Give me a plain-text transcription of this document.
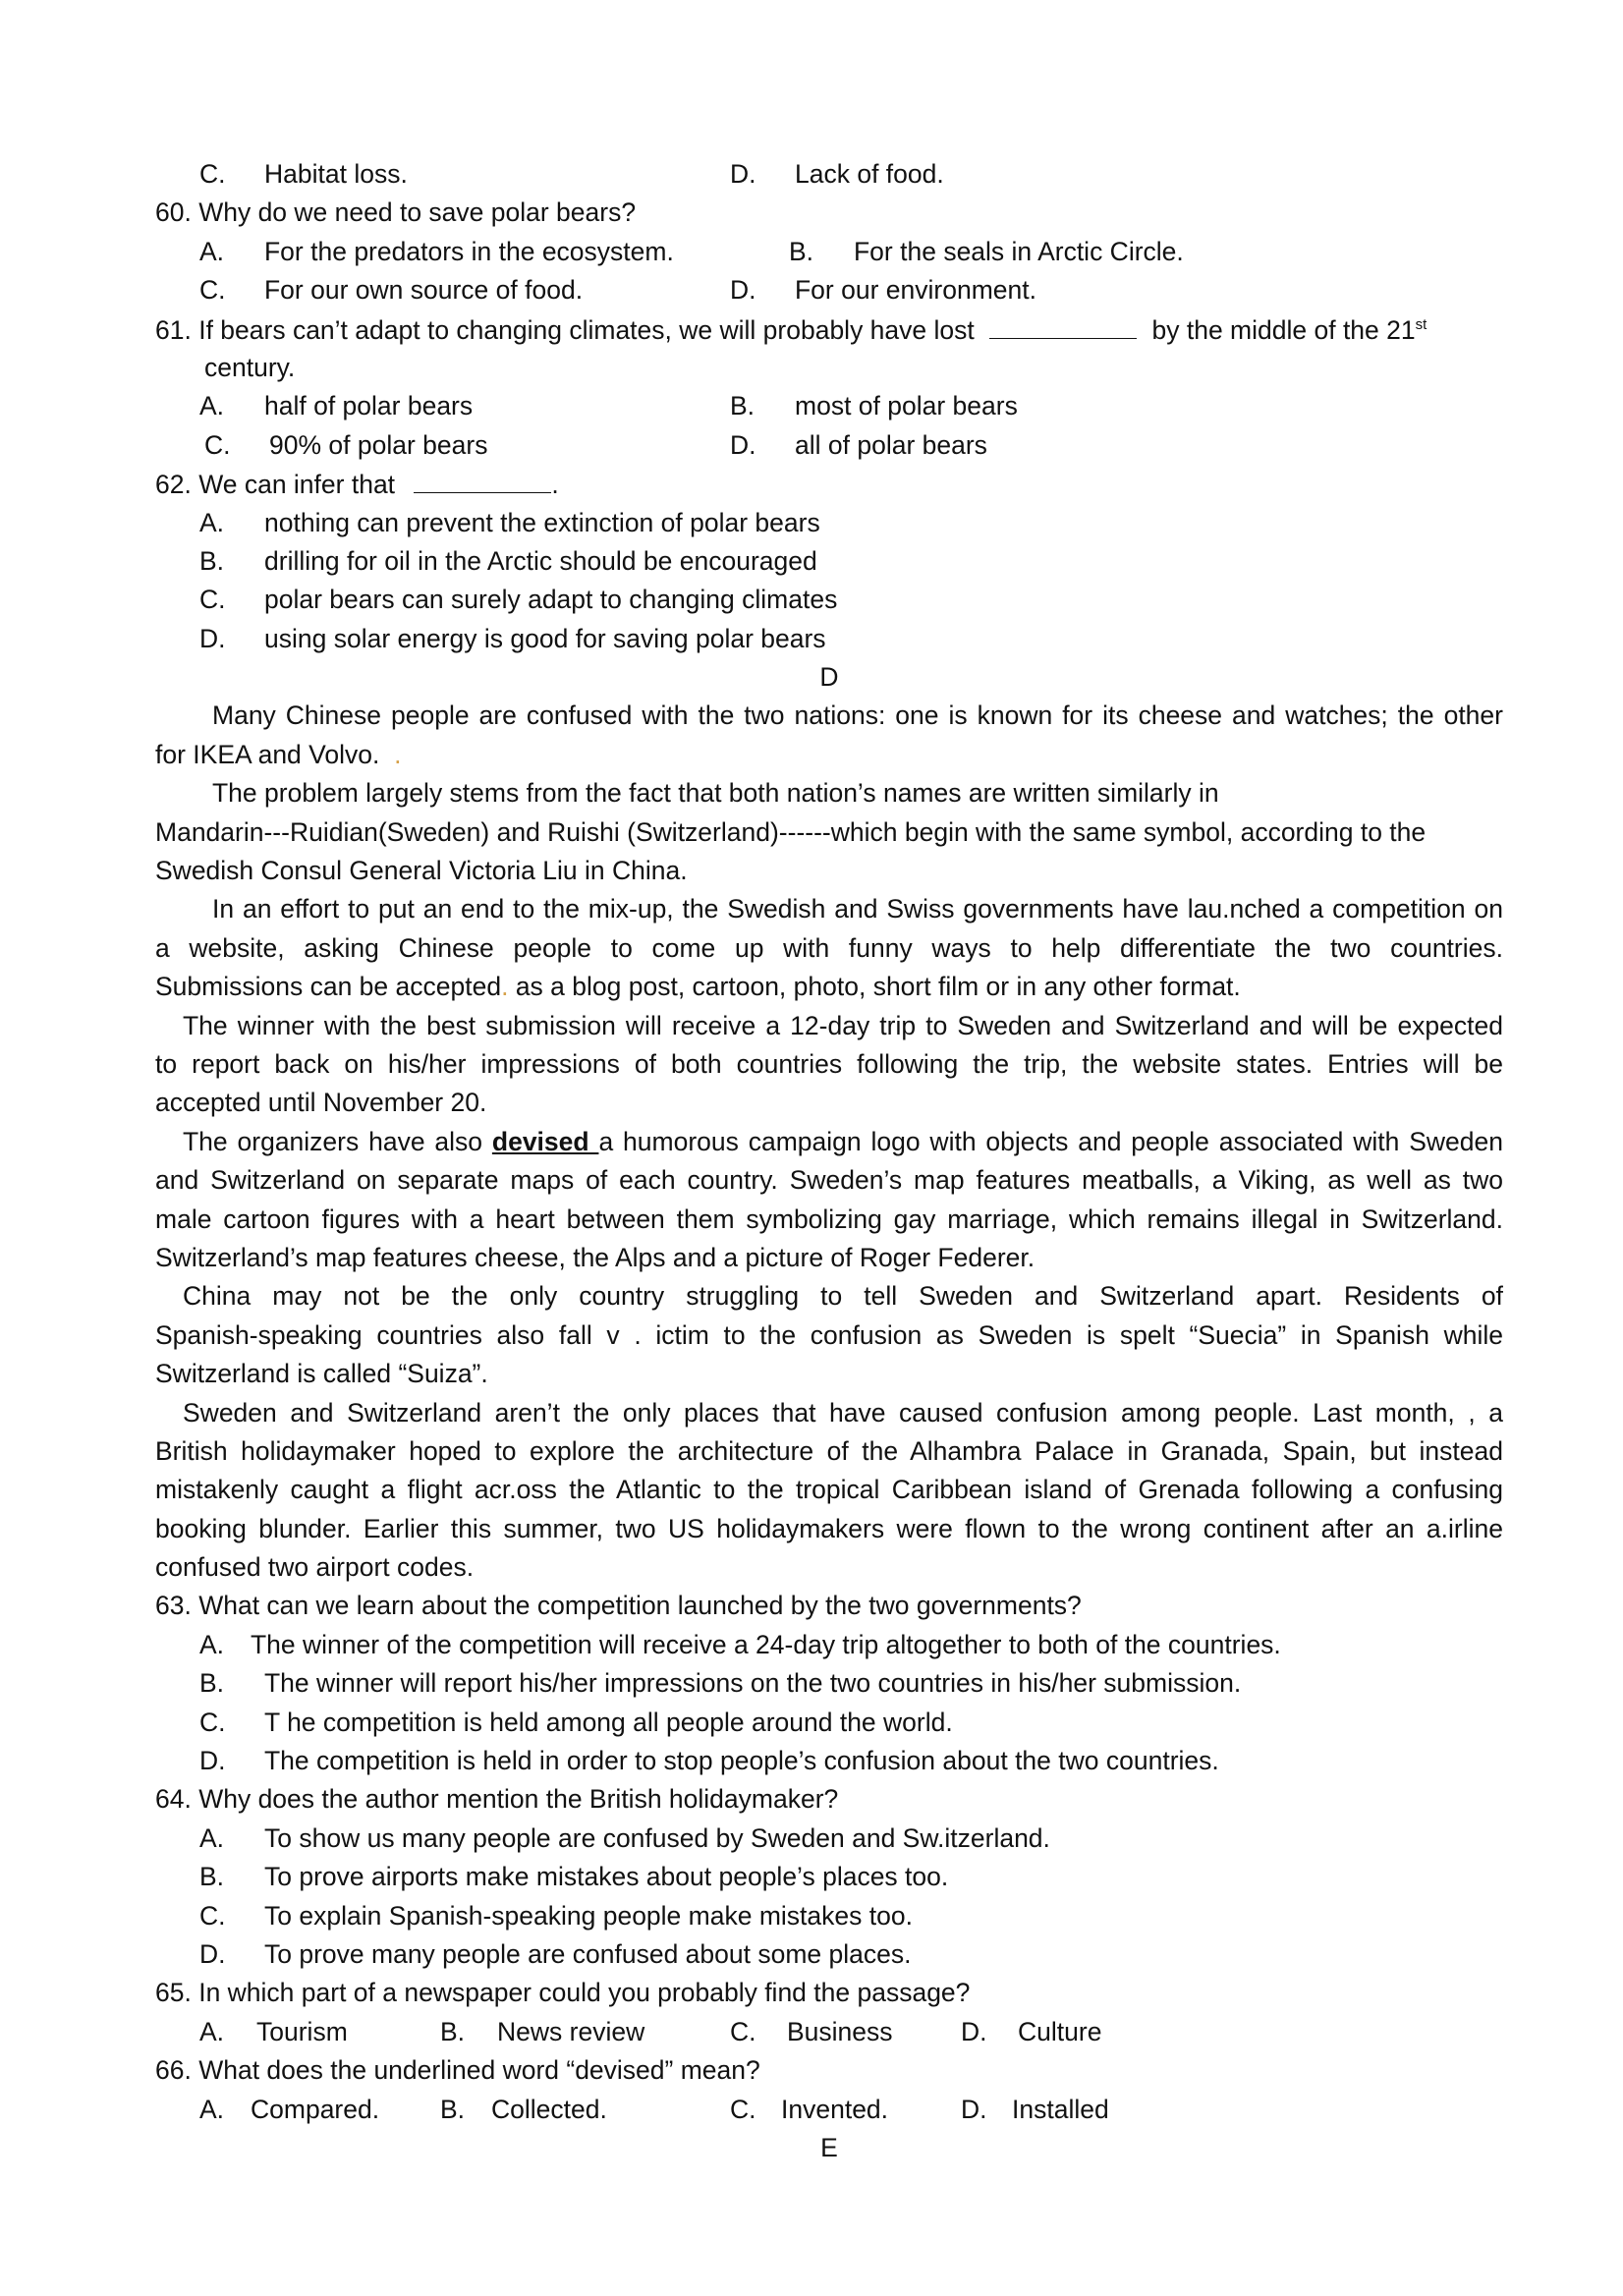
C. Habitat loss.	D. Lack of food.
60. Why do we need to save polar bears?
A. For the predators in the ecosystem.	B. For the seals in Arctic Circle.
C. For our own source of food.	D. For our environment.
61. If bears can’t adapt to changing climates, we will probably have lost	by the middle of the 21st
century.
A. half of polar bears	B. most of polar bears
C. 90% of polar bears	D. all of polar bears
62. We can infer that	.
A. nothing can prevent the extinction of polar bears
B. drilling for oil in the Arctic should be encouraged
C. polar bears can surely adapt to changing climates
D. using solar energy is good for saving polar bears
D
Many Chinese people are confused with the two nations: one is known for its cheese and watches; the other
for IKEA and Volvo.  .
The problem largely stems from the fact that both nation’s names are written similarly in
Mandarin---Ruidian(Sweden) and Ruishi (Switzerland)------which begin with the same symbol, according to the
Swedish Consul General Victoria Liu in China.
In an effort to put an end to the mix-up, the Swedish and Swiss governments have lau.nched a competition on
a website, asking Chinese people to come up with funny ways to help differentiate the two countries.
Submissions can be accepted. as a blog post, cartoon, photo, short film or in any other format.
The winner with the best submission will receive a 12-day trip to Sweden and Switzerland and will be expected
to report back on his/her impressions of both countries following the trip, the website states. Entries will be
accepted until November 20.
The organizers have also devised a humorous campaign logo with objects and people associated with Sweden
and Switzerland on separate maps of each country. Sweden’s map features meatballs, a Viking, as well as two
male cartoon figures with a heart between them symbolizing gay marriage, which remains illegal in Switzerland.
Switzerland’s map features cheese, the Alps and a picture of Roger Federer.
China may not be the only country struggling to tell Sweden and Switzerland apart. Residents of
Spanish-speaking countries also fall v . ictim to the confusion as Sweden is spelt “Suecia” in Spanish while
Switzerland is called “Suiza”.
Sweden and Switzerland aren’t the only places that have caused confusion among people. Last month, , a
British holidaymaker hoped to explore the architecture of the Alhambra Palace in Granada, Spain, but instead
mistakenly caught a flight acr.oss the Atlantic to the tropical Caribbean island of Grenada following a confusing
booking blunder. Earlier this summer, two US holidaymakers were flown to the wrong continent after an a.irline
confused two airport codes.
63. What can we learn about the competition launched by the two governments?
A. The winner of the competition will receive a 24-day trip altogether to both of the countries.
B. The winner will report his/her impressions on the two countries in his/her submission.
C. T he competition is held among all people around the world.
D. The competition is held in order to stop people’s confusion about the two countries.
64. Why does the author mention the British holidaymaker?
A. To show us many people are confused by Sweden and Sw.itzerland.
B. To prove airports make mistakes about people’s places too.
C. To explain Spanish-speaking people make mistakes too.
D. To prove many people are confused about some places.
65. In which part of a newspaper could you probably find the passage?
A. Tourism	B. News review	C. Business	D. Culture
66. What does the underlined word “devised” mean?
A. Compared. B. Collected.	C. Invented.	D. Installed
E
